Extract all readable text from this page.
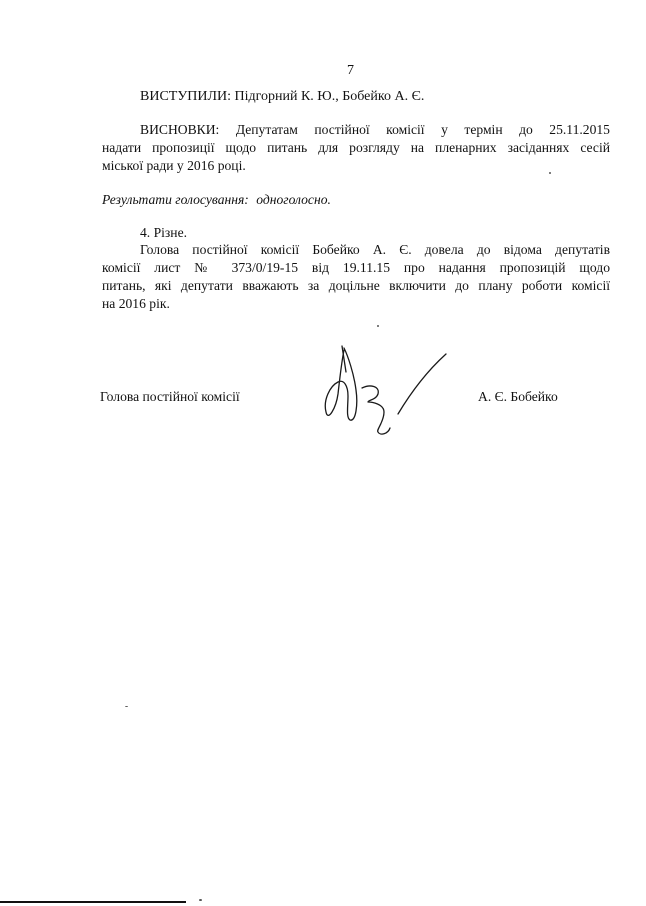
7
ВИСТУПИЛИ: Підгорний К. Ю., Бобейко А. Є.
ВИСНОВКИ: Депутатам постійної комісії у термін до 25.11.2015
надати пропозиції щодо питань для розгляду на пленарних засіданнях сесій
міської ради у 2016 році.
Результати голосування: одноголосно.
4. Різне.
Голова постійної комісії Бобейко А. Є. довела до відома депутатів
комісії лист № 373/0/19-15 від 19.11.15 про надання пропозицій щодо
питань, які депутати вважають за доцільне включити до плану роботи комісії
на 2016 рік.
Голова постійної комісії	А. Є. Бобейко
